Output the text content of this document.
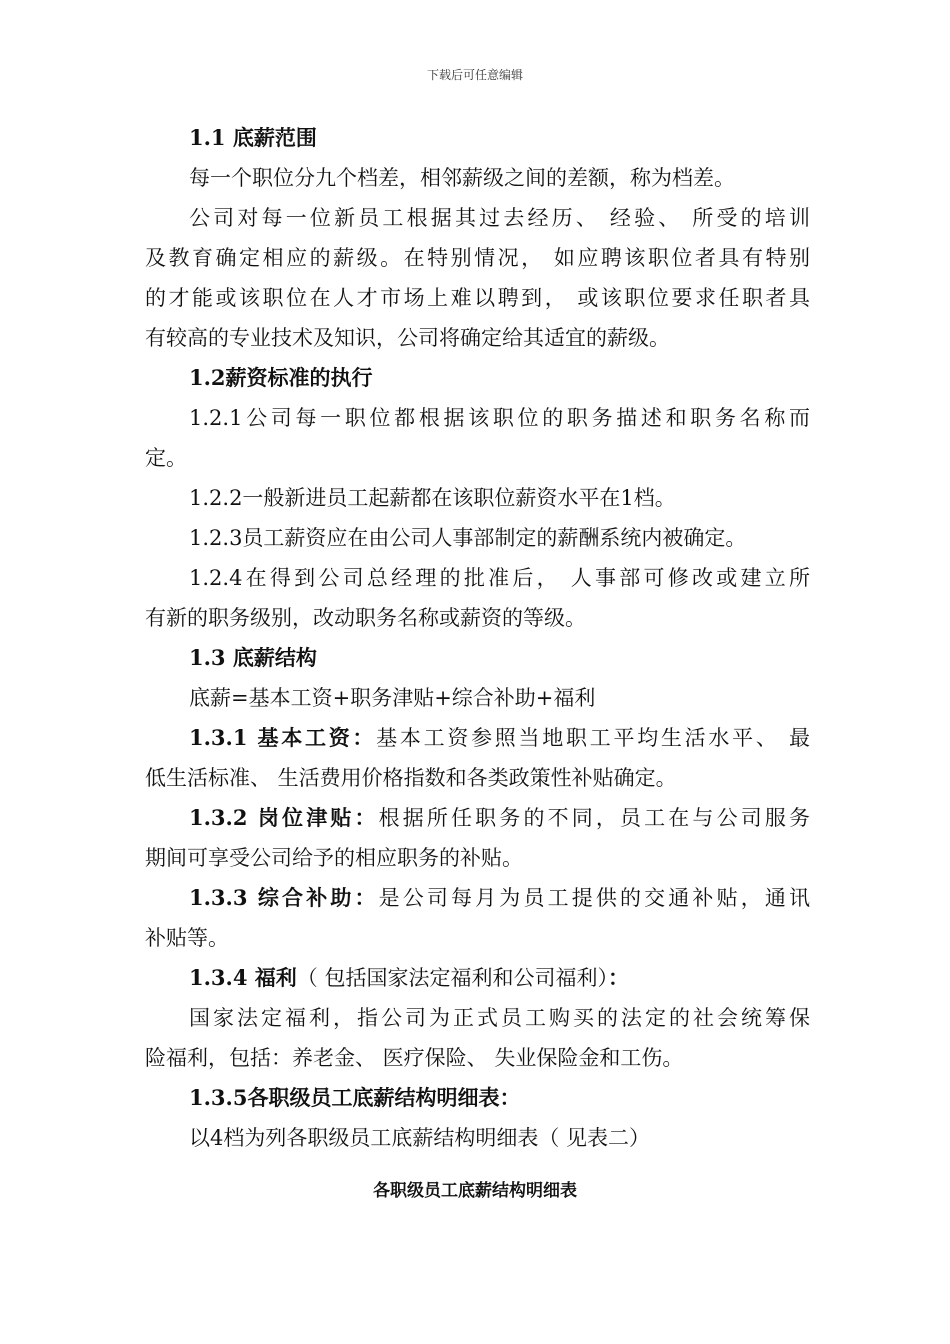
下载后可任意编辑
1.1 底薪范围
每一个职位分九个档差，相邻薪级之间的差额，称为档差。
公司对每一位新员工根据其过去经历、 经验、 所受的培训
及教育确定相应的薪级。在特别情况， 如应聘该职位者具有特别
的才能或该职位在人才市场上难以聘到， 或该职位要求任职者具
有较高的专业技术及知识，公司将确定给其适宜的薪级。
1.2薪资标准的执行
1.2.1公司每一职位都根据该职位的职务描述和职务名称而
定。
1.2.2一般新进员工起薪都在该职位薪资水平在1档。
1.2.3员工薪资应在由公司人事部制定的薪酬系统内被确定。
1.2.4在得到公司总经理的批准后， 人事部可修改或建立所
有新的职务级别，改动职务名称或薪资的等级。
1.3 底薪结构
底薪=基本工资+职务津贴+综合补助+福利
1.3.1 基本工资：基本工资参照当地职工平均生活水平、 最
低生活标准、 生活费用价格指数和各类政策性补贴确定。
1.3.2 岗位津贴：根据所任职务的不同，员工在与公司服务
期间可享受公司给予的相应职务的补贴。
1.3.3 综合补助：是公司每月为员工提供的交通补贴，通讯
补贴等。
1.3.4 福利（ 包括国家法定福利和公司福利）：
国家法定福利，指公司为正式员工购买的法定的社会统筹保
险福利，包括：养老金、 医疗保险、 失业保险金和工伤。
1.3.5各职级员工底薪结构明细表：
以4档为列各职级员工底薪结构明细表（ 见表二）
各职级员工底薪结构明细表
